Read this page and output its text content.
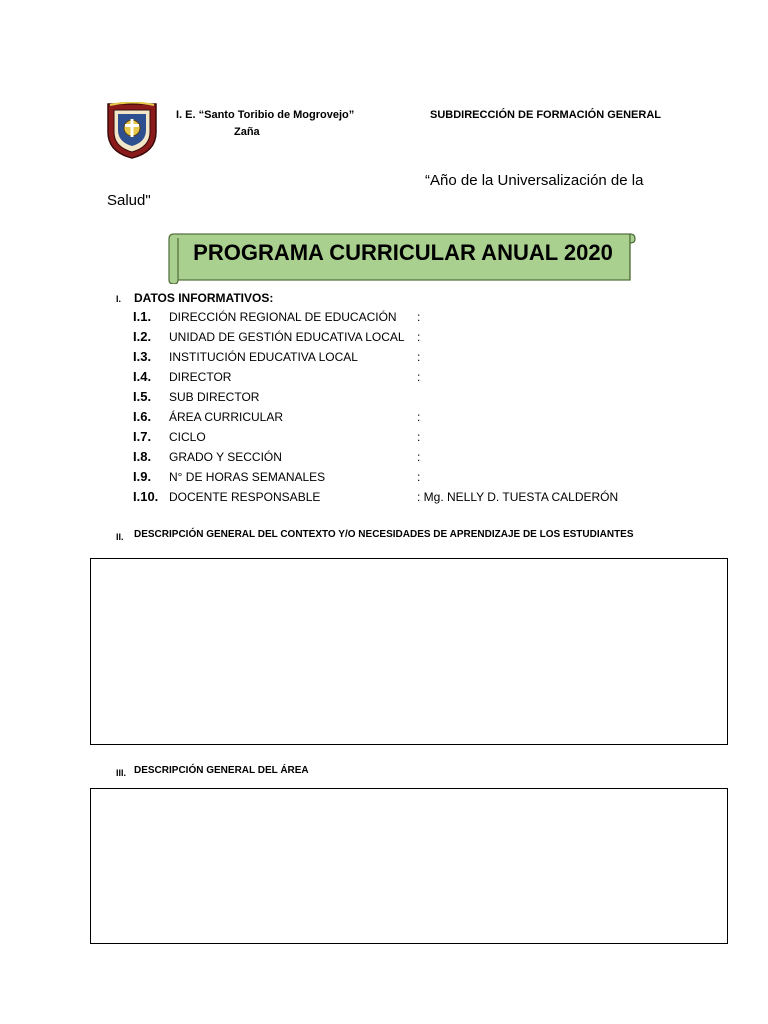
I. E. “Santo Toribio de Mogrovejo”
Zaña
SUBDIRECCIÓN DE FORMACIÓN GENERAL
“Año de la Universalización de la
Salud"
PROGRAMA CURRICULAR ANUAL 2020
I. DATOS INFORMATIVOS:
I.1. DIRECCIÓN REGIONAL DE EDUCACIÓN :
I.2. UNIDAD DE GESTIÓN EDUCATIVA LOCAL :
I.3. INSTITUCIÓN EDUCATIVA LOCAL	:
I.4. DIRECTOR	:
I.5. SUB DIRECTOR
I.6. ÁREA CURRICULAR	:
I.7. CICLO	:
I.8. GRADO Y SECCIÓN	:
I.9. N° DE HORAS SEMANALES	:
I.10. DOCENTE RESPONSABLE	: Mg. NELLY D. TUESTA CALDERÓN
II. DESCRIPCIÓN GENERAL DEL CONTEXTO Y/O NECESIDADES DE APRENDIZAJE DE LOS ESTUDIANTES
III. DESCRIPCIÓN GENERAL DEL ÁREA
